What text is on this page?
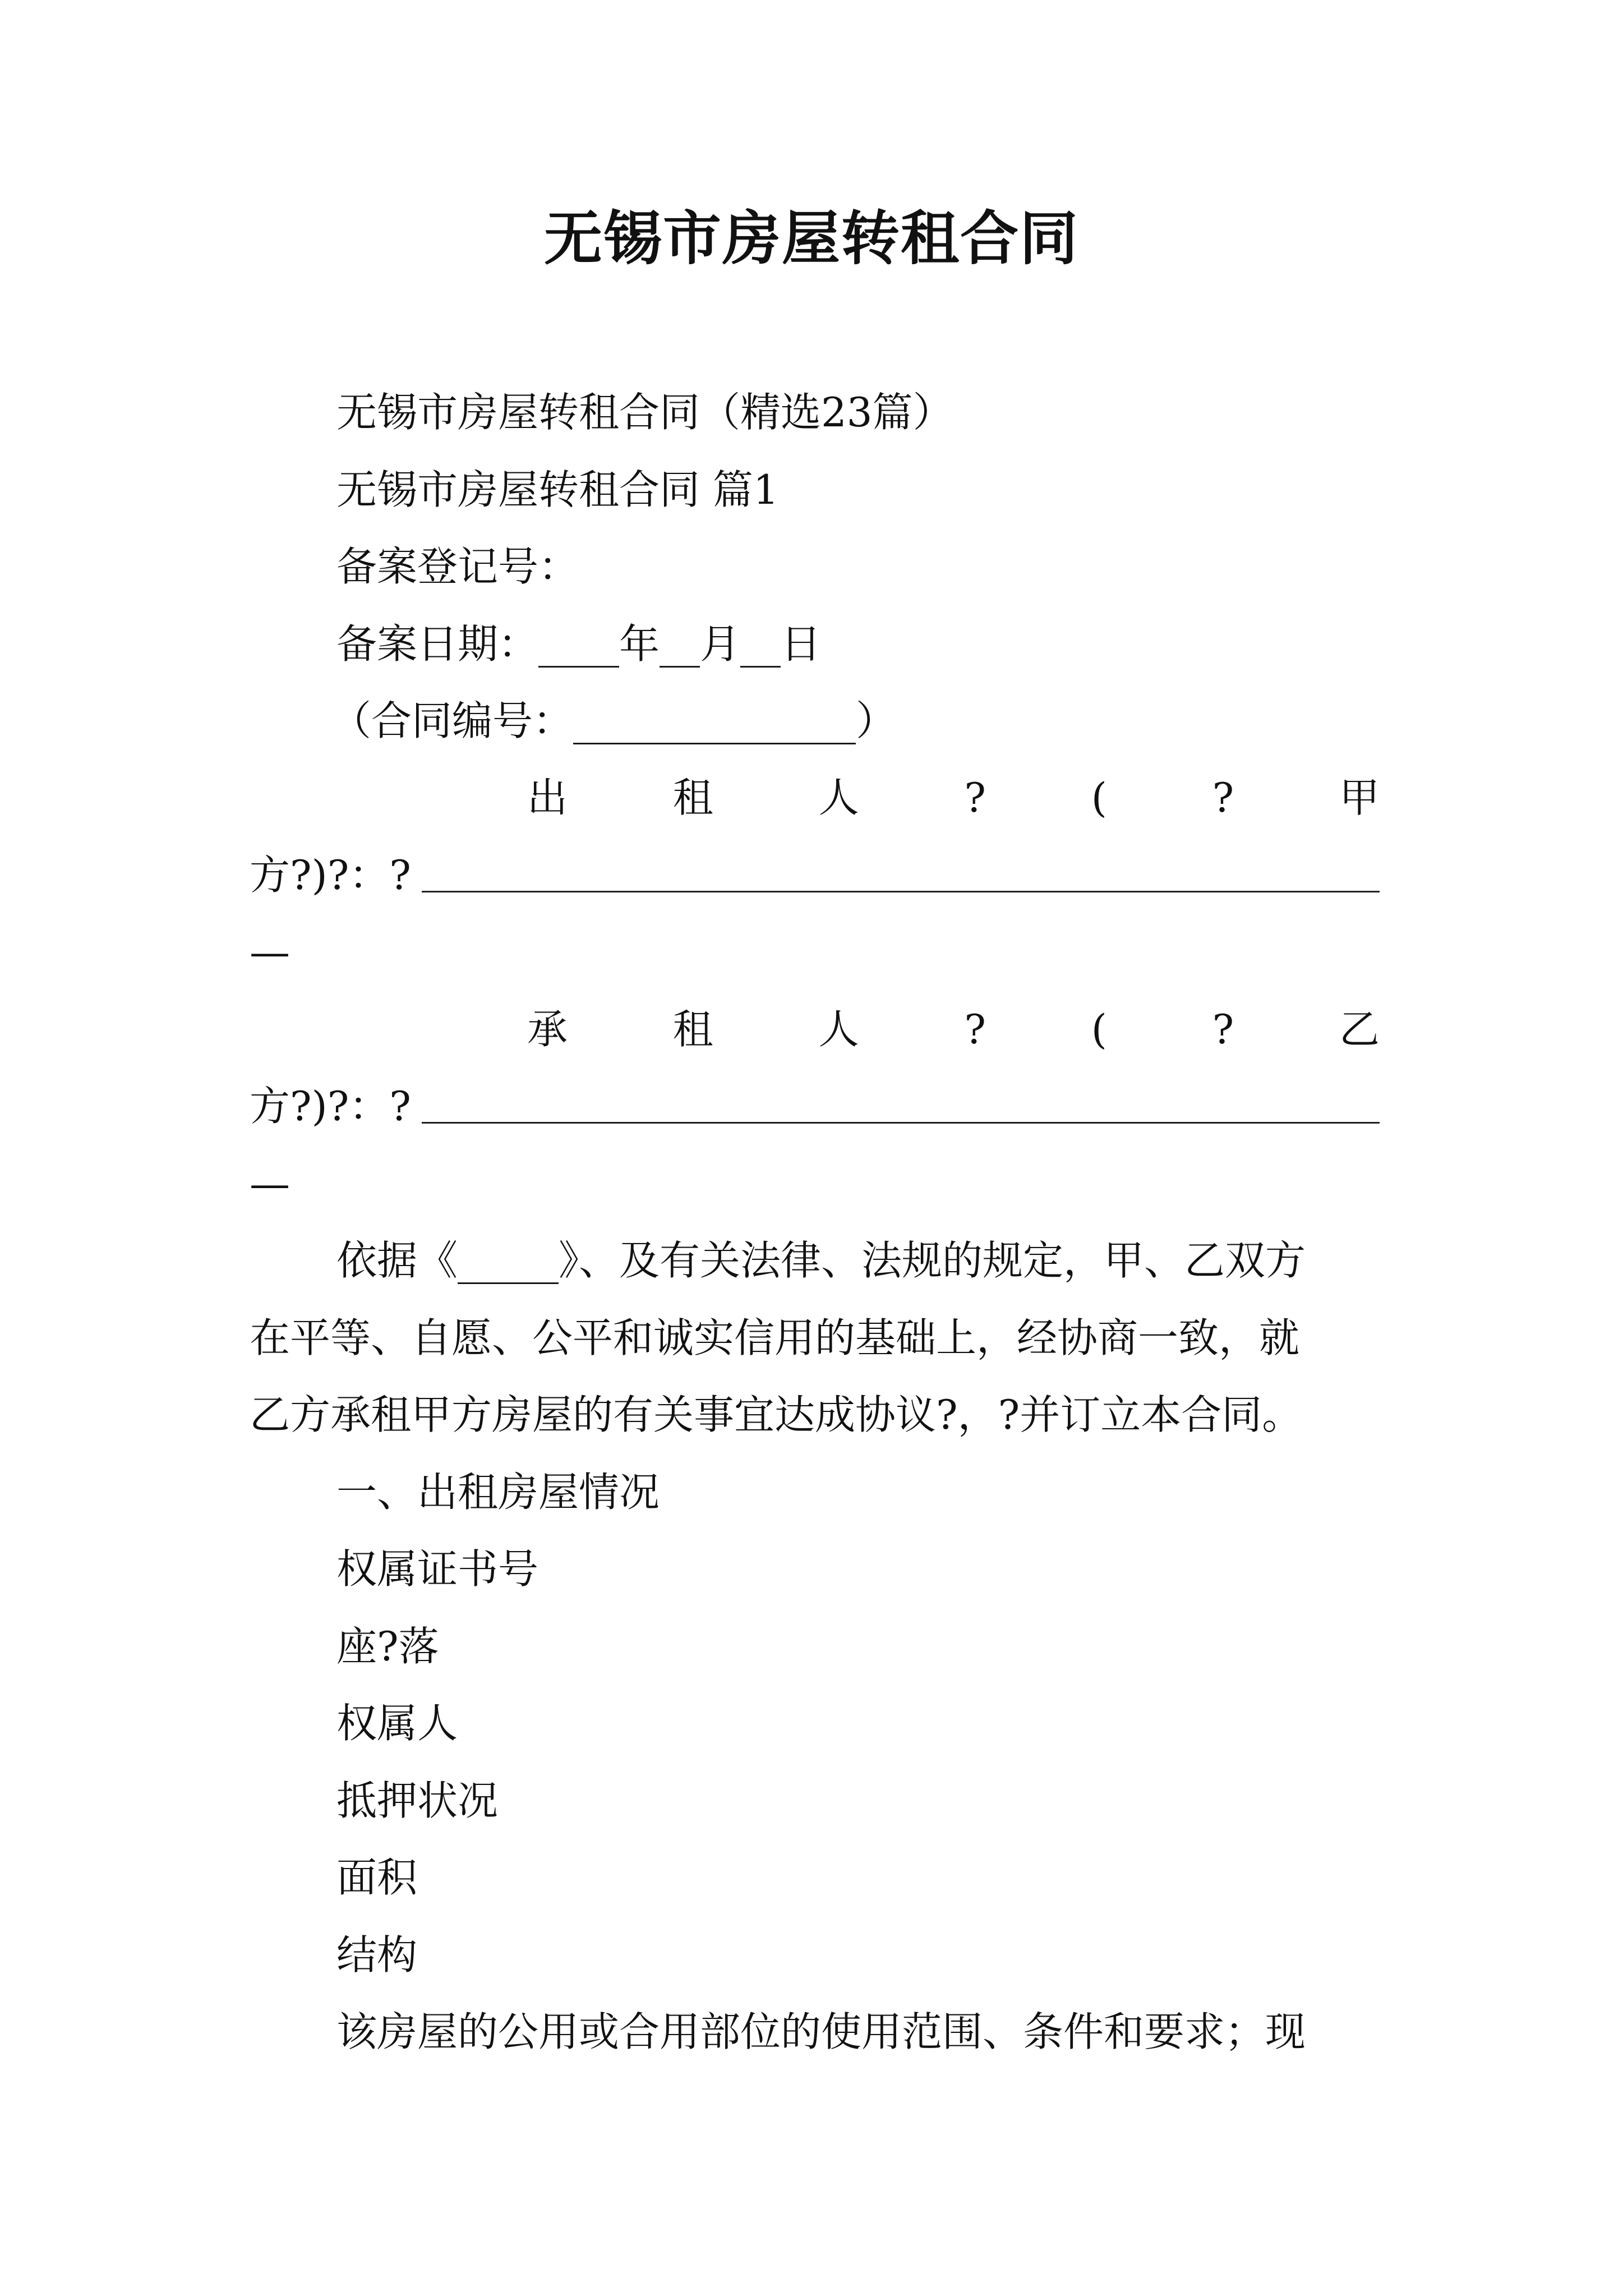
无锡市房屋转租合同
无锡市房屋转租合同（精选23篇）
无锡市房屋转租合同 篇1
备案登记号：
备案日期：____年__月__日
（合同编号：______________）
出	租	人	?	(	?	甲
方?)?：?
—
承	租	人	?	(	?	乙
方?)?：?
—
依据《_____》、及有关法律、法规的规定，甲、乙双方
在平等、自愿、公平和诚实信用的基础上，经协商一致，就
乙方承租甲方房屋的有关事宜达成协议?，?并订立本合同。
一、出租房屋情况
权属证书号
座?落
权属人
抵押状况
面积
结构
该房屋的公用或合用部位的使用范围、条件和要求；现
